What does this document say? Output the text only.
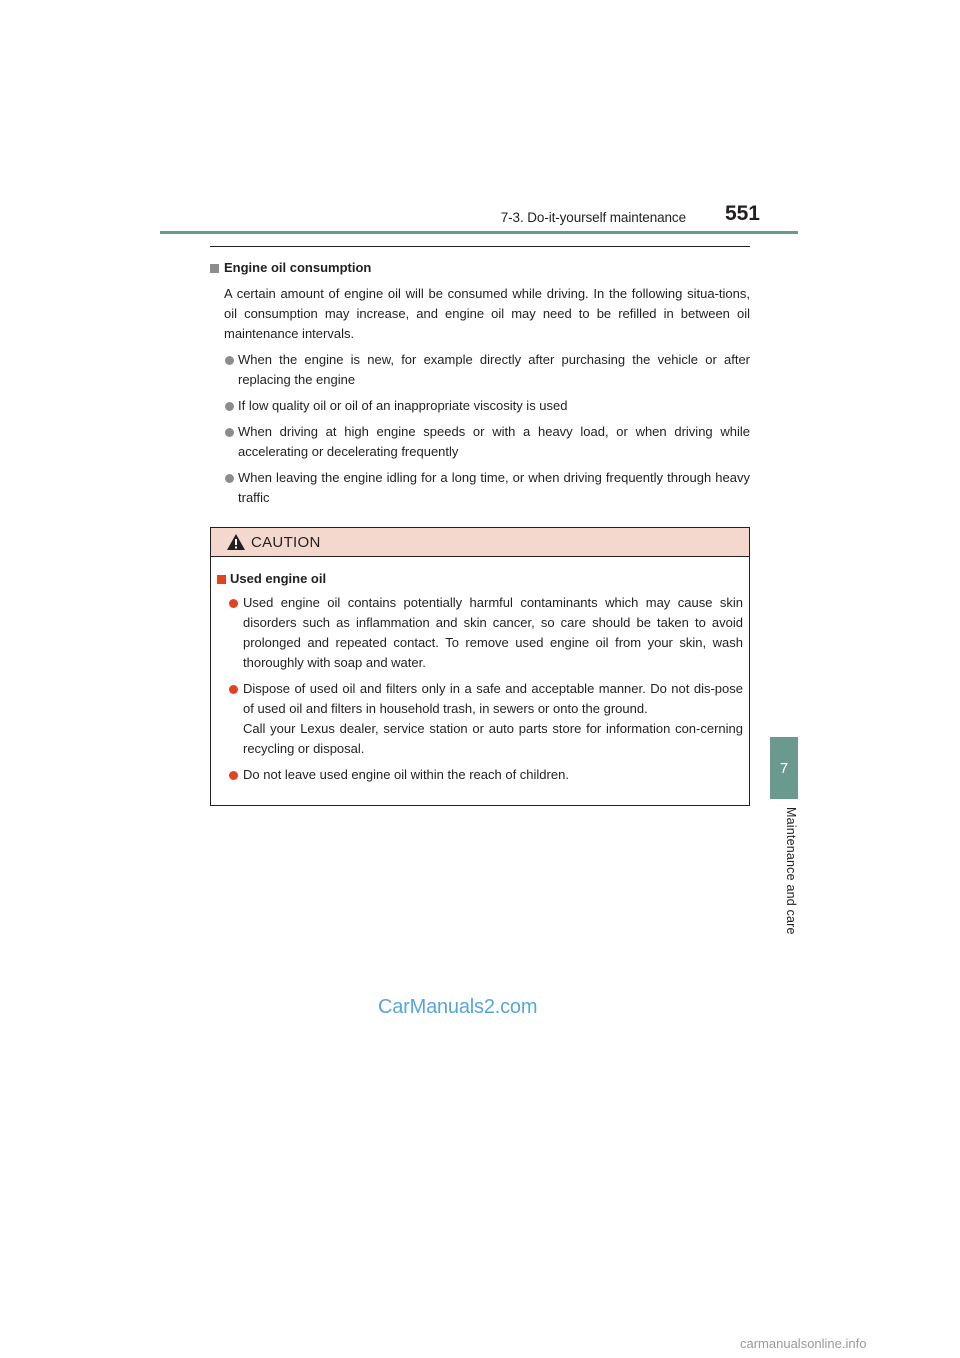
7-3. Do-it-yourself maintenance 551
7
Maintenance and care
Engine oil consumption
A certain amount of engine oil will be consumed while driving. In the following situa-tions, oil consumption may increase, and engine oil may need to be refilled in between oil maintenance intervals.
When the engine is new, for example directly after purchasing the vehicle or after replacing the engine
If low quality oil or oil of an inappropriate viscosity is used
When driving at high engine speeds or with a heavy load, or when driving while accelerating or decelerating frequently
When leaving the engine idling for a long time, or when driving frequently through heavy traffic
CAUTION
Used engine oil
Used engine oil contains potentially harmful contaminants which may cause skin disorders such as inflammation and skin cancer, so care should be taken to avoid prolonged and repeated contact. To remove used engine oil from your skin, wash thoroughly with soap and water.
Dispose of used oil and filters only in a safe and acceptable manner. Do not dis-pose of used oil and filters in household trash, in sewers or onto the ground.
Call your Lexus dealer, service station or auto parts store for information con-cerning recycling or disposal.
Do not leave used engine oil within the reach of children.
CarManuals2.com
carmanualsonline.info
